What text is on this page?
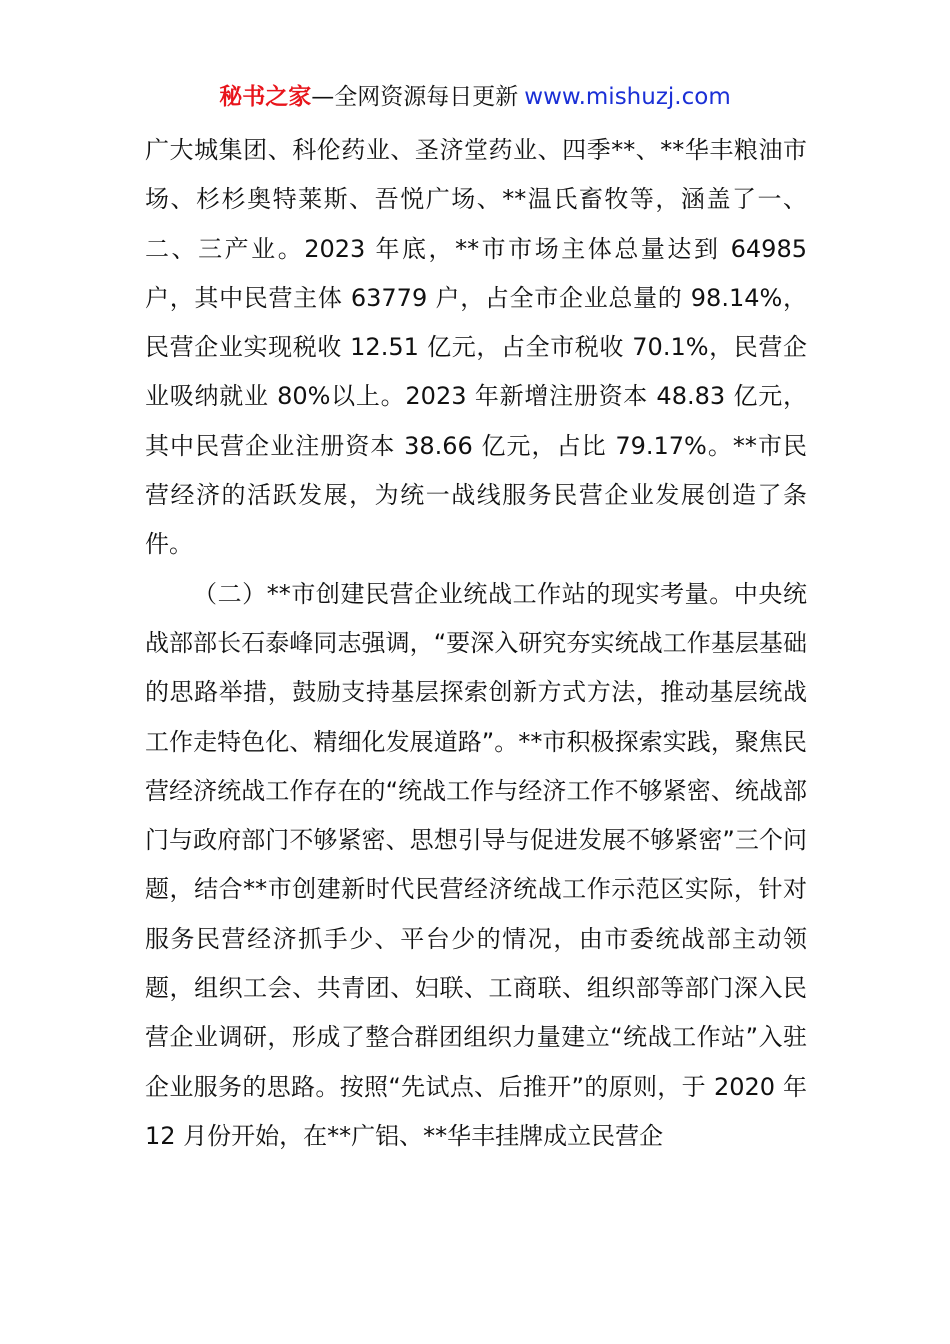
秘书之家—全网资源每日更新 www.mishuzj.com

广大城集团、科伦药业、圣济堂药业、四季**、**华丰粮油市场、杉杉奥特莱斯、吾悦广场、**温氏畜牧等，涵盖了一、二、三产业。2023 年底，**市市场主体总量达到 64985 户，其中民营主体 63779 户，占全市企业总量的 98.14%，民营企业实现税收 12.51 亿元，占全市税收 70.1%，民营企业吸纳就业 80%以上。2023 年新增注册资本 48.83 亿元，其中民营企业注册资本 38.66 亿元，占比 79.17%。**市民营经济的活跃发展，为统一战线服务民营企业发展创造了条件。

（二）**市创建民营企业统战工作站的现实考量。中央统战部部长石泰峰同志强调，“要深入研究夯实统战工作基层基础的思路举措，鼓励支持基层探索创新方式方法，推动基层统战工作走特色化、精细化发展道路”。**市积极探索实践，聚焦民营经济统战工作存在的“统战工作与经济工作不够紧密、统战部门与政府部门不够紧密、思想引导与促进发展不够紧密”三个问题，结合**市创建新时代民营经济统战工作示范区实际，针对服务民营经济抓手少、平台少的情况，由市委统战部主动领题，组织工会、共青团、妇联、工商联、组织部等部门深入民营企业调研，形成了整合群团组织力量建立“统战工作站”入驻企业服务的思路。按照“先试点、后推开”的原则，于 2020 年 12 月份开始，在**广铝、**华丰挂牌成立民营企
